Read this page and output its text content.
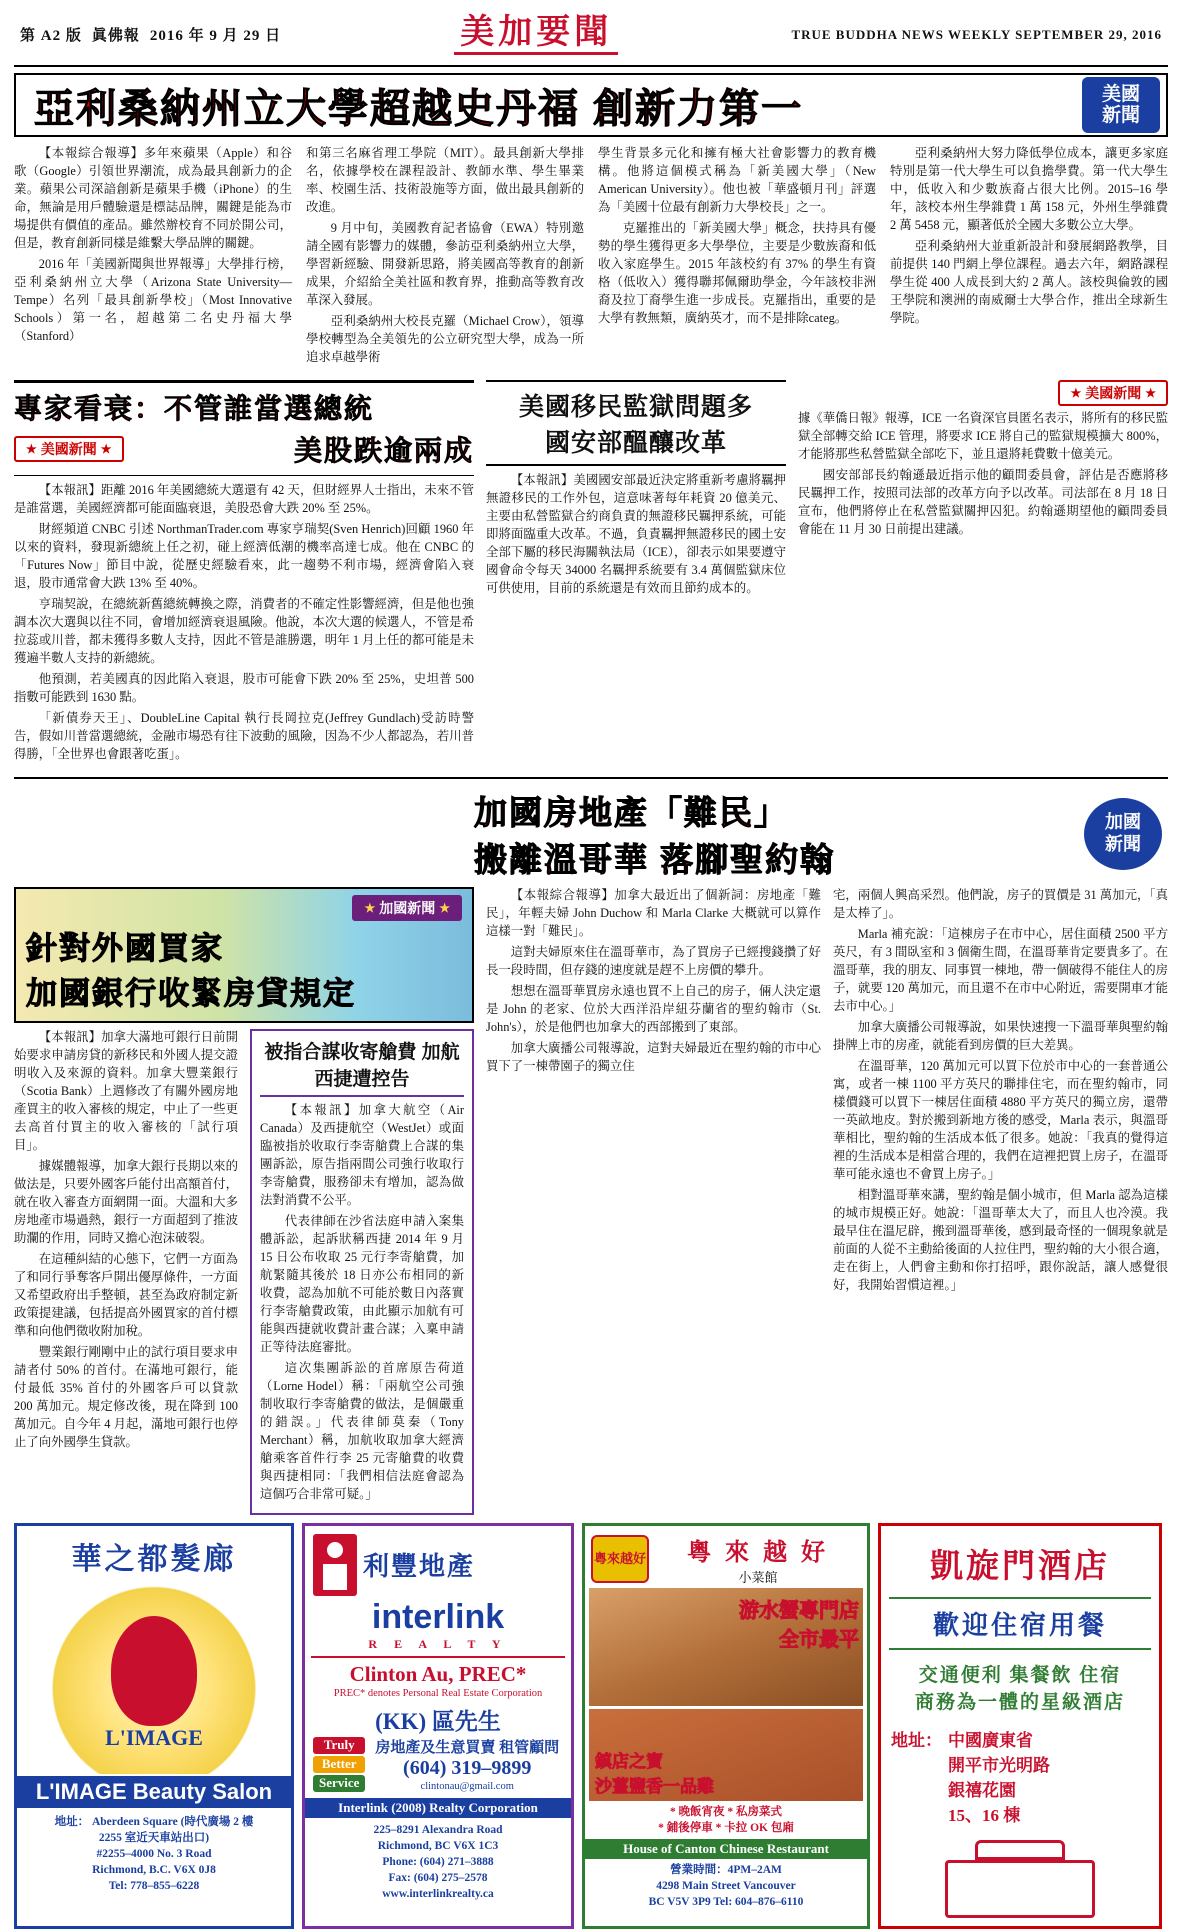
第 A2 版 眞佛報 2016 年 9 月 29 日	美加要聞	TRUE BUDDHA NEWS WEEKLY SEPTEMBER 29, 2016
亞利桑納州立大學超越史丹福 創新力第一	美國
新聞

【本報綜合報導】多年來蘋果（Apple）和谷歌（Google）引領世界潮流，成為最具創新力的企業。蘋果公司深諳創新是蘋果手機（iPhone）的生命，無論是用戶體驗還是標誌品牌，關鍵是能為市場提供有價值的產品。雖然辦校育不同於開公司，但是，教育創新同樣是維繫大學品牌的關鍵。

2016 年「美國新聞與世界報導」大學排行榜，亞利桑納州立大學（Arizona State University—Tempe）名列「最具創新學校」（Most Innovative Schools）第一名，超越第二名史丹福大學（Stanford）

和第三名麻省理工學院（MIT）。最具創新大學排名，依據學校在課程設計、教師水準、學生畢業率、校園生活、技術設施等方面，做出最具創新的改進。

9 月中旬，美國教育記者協會（EWA）特別邀請全國有影響力的媒體，參訪亞利桑納州立大學，學習新經驗、開發新思路，將美國高等教育的創新成果，介紹給全美社區和教育界，推動高等教育改革深入發展。

亞利桑納州大校長克羅（Michael Crow），領導學校轉型為全美領先的公立研究型大學，成為一所追求卓越學術

學生背景多元化和擁有極大社會影響力的教育機構。他將這個模式稱為「新美國大學」（New American University）。他也被「華盛頓月刊」評選為「美國十位最有創新力大學校長」之一。

克羅推出的「新美國大學」概念，扶持具有優勢的學生獲得更多大學學位，主要是少數族裔和低收入家庭學生。2015 年該校約有 37% 的學生有資格（低收入）獲得聯邦佩爾助學金，今年該校非洲裔及拉丁裔學生進一步成長。克羅指出，重要的是大學有教無類，廣納英才，而不是排除categ。

亞利桑納州大努力降低學位成本，讓更多家庭特別是第一代大學生可以負擔學費。第一代大學生中，低收入和少數族裔占很大比例。2015–16 學年，該校本州生學雜費 1 萬 158 元，外州生學雜費 2 萬 5458 元，顯著低於全國大多數公立大學。

亞利桑納州大並重新設計和發展網路教學，目前提供 140 門網上學位課程。過去六年，網路課程學生從 400 人成長到大約 2 萬人。該校與倫敦的國王學院和澳洲的南威爾士大學合作，推出全球新生學院。

專家看衰：不管誰當選總統
★ 美國新聞 ★	美股跌逾兩成

【本報訊】距離 2016 年美國總統大選還有 42 天，但財經界人士指出，未來不管是誰當選，美國經濟都可能面臨衰退，美股恐會大跌 20% 至 25%。

財經頻道 CNBC 引述 NorthmanTrader.com 專家亨瑞契(Sven Henrich)回顧 1960 年以來的資料，發現新總統上任之初，碰上經濟低潮的機率高達七成。他在 CNBC 的「Futures Now」節目中說，從歷史經驗看來，此一趨勢不利市場，經濟會陷入衰退，股市通常會大跌 13% 至 40%。

亨瑞契說，在總統新舊總統轉換之際，消費者的不確定性影響經濟，但是他也強調本次大選與以往不同，會增加經濟衰退風險。他說，本次大選的候選人，不管是希拉蕊或川普，都未獲得多數人支持，因此不管是誰勝選，明年 1 月上任的都可能是未獲遍半數人支持的新總統。

他預測，若美國真的因此陷入衰退，股市可能會下跌 20% 至 25%，史坦普 500 指數可能跌到 1630 點。

「新債券天王」、DoubleLine Capital 執行長岡拉克(Jeffrey Gundlach)受訪時警告，假如川普當選總統，金融市場恐有往下波動的風險，因為不少人都認為，若川普得勝，「全世界也會跟著吃蛋」。

美國移民監獄問題多
國安部醞釀改革

【本報訊】美國國安部最近決定將重新考慮將羈押無證移民的工作外包，這意味著每年耗資 20 億美元、主要由私營監獄合約商負責的無證移民羈押系統，可能即將面臨重大改革。不過，負責羈押無證移民的國土安全部下屬的移民海關執法局（ICE），卻表示如果要遵守國會命令每天 34000 名羈押系統要有 3.4 萬個監獄床位可供使用，目前的系統還是有效而且節約成本的。

★ 美國新聞 ★

據《華僑日報》報導，ICE 一名資深官員匿名表示，將所有的移民監獄全部轉交給 ICE 管理，將要求 ICE 將自己的監獄規模擴大 800%，才能將那些私營監獄全部吃下，並且還將耗費數十億美元。

國安部部長約翰遜最近指示他的顧問委員會，評估是否應將移民羈押工作，按照司法部的改革方向予以改革。司法部在 8 月 18 日宣布，他們將停止在私營監獄關押囚犯。約翰遜期望他的顧問委員會能在 11 月 30 日前提出建議。

加國房地產「難民」
搬離溫哥華 落腳聖約翰
加國
新聞
★ 加國新聞 ★
針對外國買家
加國銀行收緊房貸規定

【本報訊】加拿大滿地可銀行日前開始要求申請房貸的新移民和外國人提交證明收入及來源的資料。加拿大豐業銀行（Scotia Bank）上週修改了有關外國房地產買主的收入審核的規定，中止了一些更去高首付買主的收入審核的「試行項目」。

據媒體報導，加拿大銀行長期以來的做法是，只要外國客戶能付出高額首付，就在收入審查方面網開一面。大溫和大多房地產市場過熱，銀行一方面超到了推波助瀾的作用，同時又擔心泡沫破裂。

在這種糾結的心態下，它們一方面為了和同行爭奪客戶開出優厚條件，一方面又希望政府出手整頓，甚至為政府制定新政策提建議，包括提高外國買家的首付標準和向他們徵收附加稅。

豐業銀行剛剛中止的試行項目要求申請者付 50% 的首付。在滿地可銀行，能付最低 35% 首付的外國客戶可以貸款 200 萬加元。規定修改後，現在降到 100 萬加元。自今年 4 月起，滿地可銀行也停止了向外國學生貸款。

被指合謀收寄艙費 加航西捷遭控告

【本報訊】加拿大航空（Air Canada）及西捷航空（WestJet）或面臨被指於收取行李寄艙費上合謀的集團訴訟，原告指兩間公司強行收取行李寄艙費，服務卻未有增加，認為做法對消費不公平。

代表律師在沙省法庭申請入案集體訴訟，起訴狀稱西捷 2014 年 9 月 15 日公布收取 25 元行李寄艙費，加航緊隨其後於 18 日亦公布相同的新收費，認為加航不可能於數日內落實行李寄艙費政策，由此顯示加航有可能與西捷就收費計畫合謀；入稟申請正等待法庭審批。

這次集團訴訟的首席原告荷道（Lorne Hodel）稱：「兩航空公司強制收取行李寄艙費的做法，是個嚴重的錯誤。」代表律師莫秦（Tony Merchant）稱，加航收取加拿大經濟艙乘客首件行李 25 元寄艙費的收費與西捷相同：「我們相信法庭會認為這個巧合非常可疑。」

【本報綜合報導】加拿大最近出了個新詞：房地產「難民」，年輕夫婦 John Duchow 和 Marla Clarke 大概就可以算作這樣一對「難民」。

這對夫婦原來住在溫哥華市，為了買房子已經搜錢攢了好長一段時間，但存錢的速度就是趕不上房價的攀升。

想想在溫哥華買房永遠也買不上自己的房子，倆人決定還是 John 的老家、位於大西洋沿岸紐芬蘭省的聖約翰市（St. John's），於是他們也加拿大的西部搬到了東部。

加拿大廣播公司報導說，這對夫婦最近在聖約翰的市中心買下了一棟帶園子的獨立住

宅，兩個人興高采烈。他們說，房子的買價是 31 萬加元，「真是太棒了」。

Marla 補充說：「這棟房子在市中心，居住面積 2500 平方英尺，有 3 間臥室和 3 個衛生間，在溫哥華肯定要貴多了。在溫哥華，我的朋友、同事買一棟地，帶一個破得不能住人的房子，就要 120 萬加元，而且還不在市中心附近，需要開車才能去市中心。」

加拿大廣播公司報導說，如果快速搜一下溫哥華與聖約翰掛牌上市的房產，就能看到房價的巨大差異。

在溫哥華，120 萬加元可以買下位於市中心的一套普通公寓，或者一棟 1100 平方英尺的聯排住宅，而在聖約翰市，同樣價錢可以買下一棟居住面積 4880 平方英尺的獨立房，還帶一英畝地皮。對於搬到新地方後的感受，Marla 表示，與溫哥華相比，聖約翰的生活成本低了很多。她說：「我真的覺得這裡的生活成本是相當合理的，我們在這裡把買上房子，在溫哥華可能永遠也不會買上房子。」

相對溫哥華來講，聖約翰是個小城市，但 Marla 認為這樣的城市規模正好。她說：「溫哥華太大了，而且人也冷漠。我最早住在溫尼辟，搬到溫哥華後，感到最奇怪的一個現象就是前面的人從不主動給後面的人拉住門，聖約翰的大小很合適，走在街上，人們會主動和你打招呼，跟你說話，讓人感覺很好，我開始習慣這裡。」

華之都髮廊
華之都
L'IMAGE
L'IMAGE Beauty Salon
地址： Aberdeen Square (時代廣場 2 樓
2255 室近天車站出口)
#2255–4000 No. 3 Road
Richmond, B.C. V6X 0J8
Tel: 778–855–6228
利豐地產
interlink
R E A L T Y
Clinton Au, PREC*
PREC* denotes Personal Real Estate Corporation
(KK) 區先生
Truly
Better
Service
房地產及生意買賣 租管顧問
(604) 319–9899
clintonau@gmail.com
Interlink (2008) Realty Corporation
225–8291 Alexandra Road
Richmond, BC V6X 1C3
Phone: (604) 271–3888
Fax: (604) 275–2578
www.interlinkrealty.ca
粵來越好	粵 來 越 好
小菜館
游水蟹專門店
全市最平
鎮店之寶
沙薑鹽香一品雞
* 晚飯宵夜 * 私房菜式
* 鋪後停車 * 卡拉 OK 包廂
House of Canton Chinese Restaurant
營業時間：4PM–2AM
4298 Main Street Vancouver
BC V5V 3P9 Tel: 604–876–6110
凱旋門酒店
歡迎住宿用餐
交通便利 集餐飲 住宿
商務為一體的星級酒店
地址： 中國廣東省
開平市光明路
銀禧花園
15、16 棟
